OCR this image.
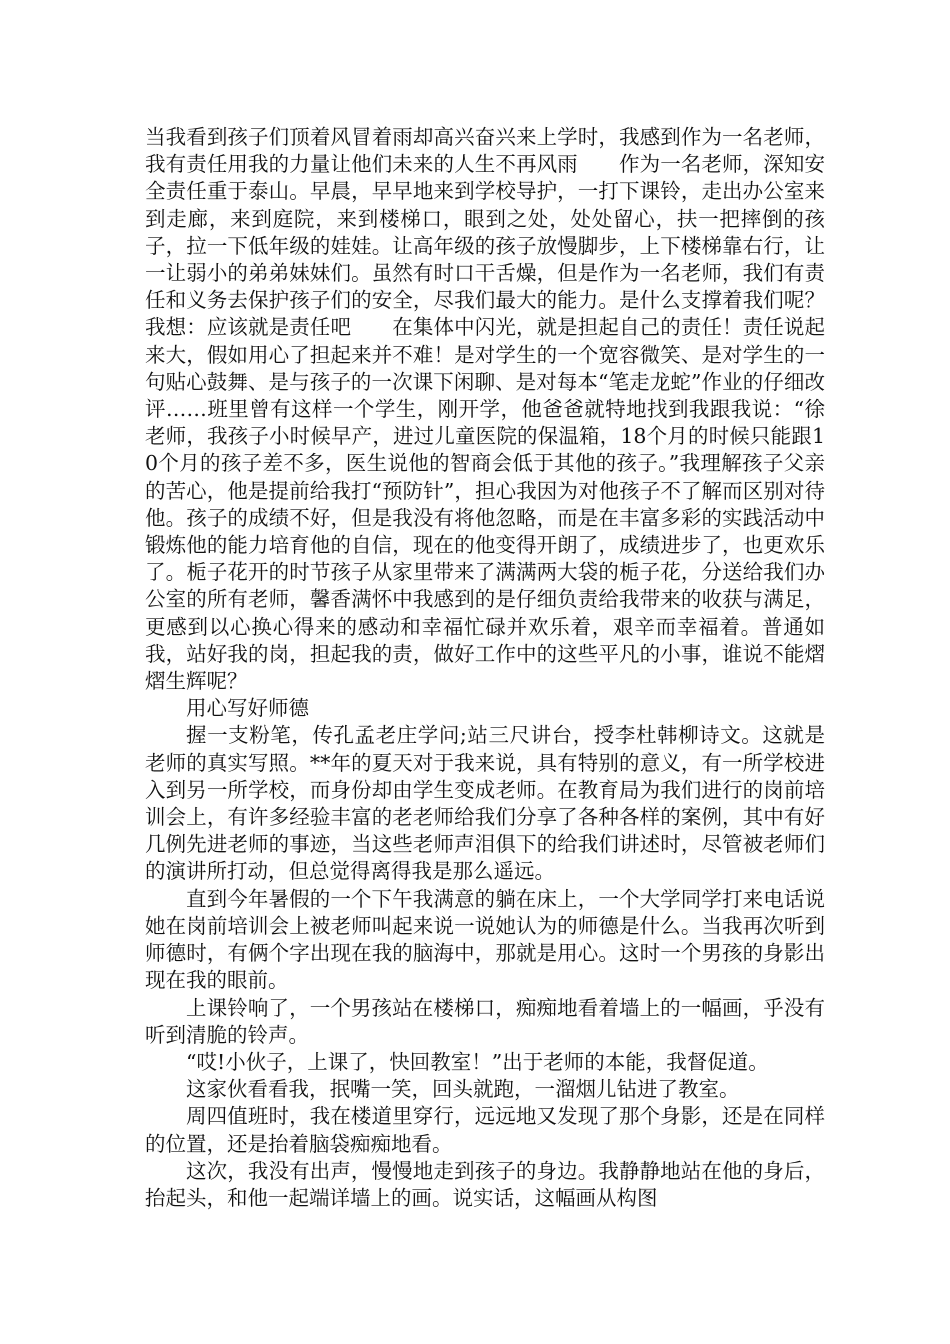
当我看到孩子们顶着风冒着雨却高兴奋兴来上学时，我感到作为一名老师，我有责任用我的力量让他们未来的人生不再风雨　　作为一名老师，深知安全责任重于泰山。早晨，早早地来到学校导护，一打下课铃，走出办公室来到走廊，来到庭院，来到楼梯口，眼到之处，处处留心，扶一把摔倒的孩子，拉一下低年级的娃娃。让高年级的孩子放慢脚步，上下楼梯靠右行，让一让弱小的弟弟妹妹们。虽然有时口干舌燥，但是作为一名老师，我们有责任和义务去保护孩子们的安全，尽我们最大的能力。是什么支撑着我们呢？我想：应该就是责任吧　　在集体中闪光，就是担起自己的责任！责任说起来大，假如用心了担起来并不难！是对学生的一个宽容微笑、是对学生的一句贴心鼓舞、是与孩子的一次课下闲聊、是对每本“笔走龙蛇”作业的仔细改评……班里曾有这样一个学生，刚开学，他爸爸就特地找到我跟我说：“徐老师，我孩子小时候早产，进过儿童医院的保温箱，18个月的时候只能跟10个月的孩子差不多，医生说他的智商会低于其他的孩子。”我理解孩子父亲的苦心，他是提前给我打“预防针”，担心我因为对他孩子不了解而区别对待他。孩子的成绩不好，但是我没有将他忽略，而是在丰富多彩的实践活动中锻炼他的能力培育他的自信，现在的他变得开朗了，成绩进步了，也更欢乐了。栀子花开的时节孩子从家里带来了满满两大袋的栀子花，分送给我们办公室的所有老师，馨香满怀中我感到的是仔细负责给我带来的收获与满足，更感到以心换心得来的感动和幸福忙碌并欢乐着，艰辛而幸福着。普通如我，站好我的岗，担起我的责，做好工作中的这些平凡的小事，谁说不能熠熠生辉呢？

用心写好师德

握一支粉笔，传孔孟老庄学问;站三尺讲台，授李杜韩柳诗文。这就是老师的真实写照。**年的夏天对于我来说，具有特别的意义，有一所学校进入到另一所学校，而身份却由学生变成老师。在教育局为我们进行的岗前培训会上，有许多经验丰富的老老师给我们分享了各种各样的案例，其中有好几例先进老师的事迹，当这些老师声泪俱下的给我们讲述时，尽管被老师们的演讲所打动，但总觉得离得我是那么遥远。

直到今年暑假的一个下午我满意的躺在床上，一个大学同学打来电话说她在岗前培训会上被老师叫起来说一说她认为的师德是什么。当我再次听到师德时，有俩个字出现在我的脑海中，那就是用心。这时一个男孩的身影出现在我的眼前。

上课铃响了，一个男孩站在楼梯口，痴痴地看着墙上的一幅画，乎没有听到清脆的铃声。

“哎!小伙子，上课了，快回教室！”出于老师的本能，我督促道。

这家伙看看我，抿嘴一笑，回头就跑，一溜烟儿钻进了教室。

周四值班时，我在楼道里穿行，远远地又发现了那个身影，还是在同样的位置，还是抬着脑袋痴痴地看。

这次，我没有出声，慢慢地走到孩子的身边。我静静地站在他的身后，抬起头，和他一起端详墙上的画。说实话，这幅画从构图
